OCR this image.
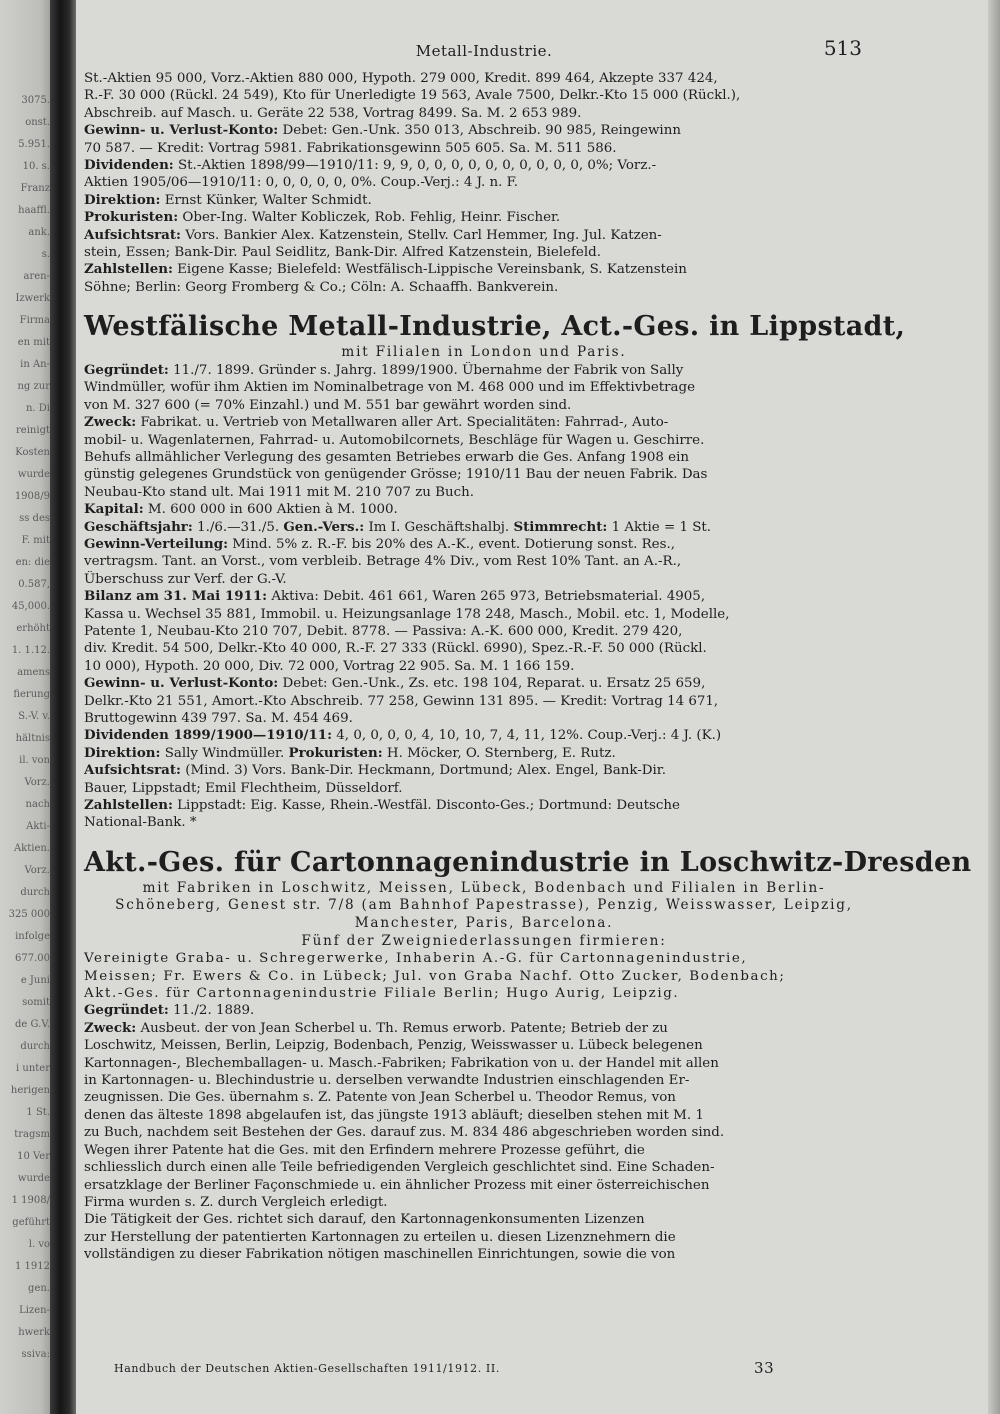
3075.
onst.
5.951.
10. s.
Franz
haaffl.
ank.
s.
aren-
Izwerk
Firma
en mit
in An-
ng zur
n. Di
reinigt
Kosten
wurde
1908/9
ss des
F. mit
en: die
0.587,
45,000.
erhöht
1. 1.12.
amens
fierung
S.-V. v.
hältnis
il. von
Vorz.
nach
Akti-
Aktien.
Vorz.
durch
325 000
infolge
677.00
e Juni
somit
de G.V.
durch
i unter
herigen
1 St.
tragsm
10 Ver
wurde
1 1908/
geführt
l. vo
1 1912
gen.
Lizen-
hwerk
ssiva:
Metall-Industrie.	513

St.-Aktien 95 000, Vorz.-Aktien 880 000, Hypoth. 279 000, Kredit. 899 464, Akzepte 337 424,

R.-F. 30 000 (Rückl. 24 549), Kto für Unerledigte 19 563, Avale 7500, Delkr.-Kto 15 000 (Rückl.),

Abschreib. auf Masch. u. Geräte 22 538, Vortrag 8499. Sa. M. 2 653 989.

Gewinn- u. Verlust-Konto: Debet: Gen.-Unk. 350 013, Abschreib. 90 985, Reingewinn

70 587. — Kredit: Vortrag 5981. Fabrikationsgewinn 505 605. Sa. M. 511 586.

Dividenden: St.-Aktien 1898/99—1910/11: 9, 9, 0, 0, 0, 0, 0, 0, 0, 0, 0, 0, 0%; Vorz.-

Aktien 1905/06—1910/11: 0, 0, 0, 0, 0, 0%. Coup.-Verj.: 4 J. n. F.

Direktion: Ernst Künker, Walter Schmidt.

Prokuristen: Ober-Ing. Walter Kobliczek, Rob. Fehlig, Heinr. Fischer.

Aufsichtsrat: Vors. Bankier Alex. Katzenstein, Stellv. Carl Hemmer, Ing. Jul. Katzen-

stein, Essen; Bank-Dir. Paul Seidlitz, Bank-Dir. Alfred Katzenstein, Bielefeld.

Zahlstellen: Eigene Kasse; Bielefeld: Westfälisch-Lippische Vereinsbank, S. Katzenstein

Söhne; Berlin: Georg Fromberg & Co.; Cöln: A. Schaaffh. Bankverein.

Westfälische Metall-Industrie, Act.-Ges. in Lippstadt,

mit Filialen in London und Paris.

Gegründet: 11./7. 1899. Gründer s. Jahrg. 1899/1900. Übernahme der Fabrik von Sally

Windmüller, wofür ihm Aktien im Nominalbetrage von M. 468 000 und im Effektivbetrage

von M. 327 600 (= 70% Einzahl.) und M. 551 bar gewährt worden sind.

Zweck: Fabrikat. u. Vertrieb von Metallwaren aller Art. Specialitäten: Fahrrad-, Auto-

mobil- u. Wagenlaternen, Fahrrad- u. Automobilcornets, Beschläge für Wagen u. Geschirre.

Behufs allmählicher Verlegung des gesamten Betriebes erwarb die Ges. Anfang 1908 ein

günstig gelegenes Grundstück von genügender Grösse; 1910/11 Bau der neuen Fabrik. Das

Neubau-Kto stand ult. Mai 1911 mit M. 210 707 zu Buch.

Kapital: M. 600 000 in 600 Aktien à M. 1000.

Geschäftsjahr: 1./6.—31./5. Gen.-Vers.: Im I. Geschäftshalbj. Stimmrecht: 1 Aktie = 1 St.

Gewinn-Verteilung: Mind. 5% z. R.-F. bis 20% des A.-K., event. Dotierung sonst. Res.,

vertragsm. Tant. an Vorst., vom verbleib. Betrage 4% Div., vom Rest 10% Tant. an A.-R.,

Überschuss zur Verf. der G.-V.

Bilanz am 31. Mai 1911: Aktiva: Debit. 461 661, Waren 265 973, Betriebsmaterial. 4905,

Kassa u. Wechsel 35 881, Immobil. u. Heizungsanlage 178 248, Masch., Mobil. etc. 1, Modelle,

Patente 1, Neubau-Kto 210 707, Debit. 8778. — Passiva: A.-K. 600 000, Kredit. 279 420,

div. Kredit. 54 500, Delkr.-Kto 40 000, R.-F. 27 333 (Rückl. 6990), Spez.-R.-F. 50 000 (Rückl.

10 000), Hypoth. 20 000, Div. 72 000, Vortrag 22 905. Sa. M. 1 166 159.

Gewinn- u. Verlust-Konto: Debet: Gen.-Unk., Zs. etc. 198 104, Reparat. u. Ersatz 25 659,

Delkr.-Kto 21 551, Amort.-Kto Abschreib. 77 258, Gewinn 131 895. — Kredit: Vortrag 14 671,

Bruttogewinn 439 797. Sa. M. 454 469.

Dividenden 1899/1900—1910/11: 4, 0, 0, 0, 0, 4, 10, 10, 7, 4, 11, 12%. Coup.-Verj.: 4 J. (K.)

Direktion: Sally Windmüller. Prokuristen: H. Möcker, O. Sternberg, E. Rutz.

Aufsichtsrat: (Mind. 3) Vors. Bank-Dir. Heckmann, Dortmund; Alex. Engel, Bank-Dir.

Bauer, Lippstadt; Emil Flechtheim, Düsseldorf.

Zahlstellen: Lippstadt: Eig. Kasse, Rhein.-Westfäl. Disconto-Ges.; Dortmund: Deutsche

National-Bank. *

Akt.-Ges. für Cartonnagenindustrie in Loschwitz-Dresden

mit Fabriken in Loschwitz, Meissen, Lübeck, Bodenbach und Filialen in Berlin-

Schöneberg, Genest str. 7/8 (am Bahnhof Papestrasse), Penzig, Weisswasser, Leipzig,

Manchester, Paris, Barcelona.

Fünf der Zweigniederlassungen firmieren:

Vereinigte Graba- u. Schregerwerke, Inhaberin A.-G. für Cartonnagenindustrie,

Meissen; Fr. Ewers & Co. in Lübeck; Jul. von Graba Nachf. Otto Zucker, Bodenbach;

Akt.-Ges. für Cartonnagenindustrie Filiale Berlin; Hugo Aurig, Leipzig.

Gegründet: 11./2. 1889.

Zweck: Ausbeut. der von Jean Scherbel u. Th. Remus erworb. Patente; Betrieb der zu

Loschwitz, Meissen, Berlin, Leipzig, Bodenbach, Penzig, Weisswasser u. Lübeck belegenen

Kartonnagen-, Blechemballagen- u. Masch.-Fabriken; Fabrikation von u. der Handel mit allen

in Kartonnagen- u. Blechindustrie u. derselben verwandte Industrien einschlagenden Er-

zeugnissen. Die Ges. übernahm s. Z. Patente von Jean Scherbel u. Theodor Remus, von

denen das älteste 1898 abgelaufen ist, das jüngste 1913 abläuft; dieselben stehen mit M. 1

zu Buch, nachdem seit Bestehen der Ges. darauf zus. M. 834 486 abgeschrieben worden sind.

Wegen ihrer Patente hat die Ges. mit den Erfindern mehrere Prozesse geführt, die

schliesslich durch einen alle Teile befriedigenden Vergleich geschlichtet sind. Eine Schaden-

ersatzklage der Berliner Façonschmiede u. ein ähnlicher Prozess mit einer österreichischen

Firma wurden s. Z. durch Vergleich erledigt.

Die Tätigkeit der Ges. richtet sich darauf, den Kartonnagenkonsumenten Lizenzen

zur Herstellung der patentierten Kartonnagen zu erteilen u. diesen Lizenznehmern die

vollständigen zu dieser Fabrikation nötigen maschinellen Einrichtungen, sowie die von

Handbuch der Deutschen Aktien-Gesellschaften 1911/1912. II.	33
